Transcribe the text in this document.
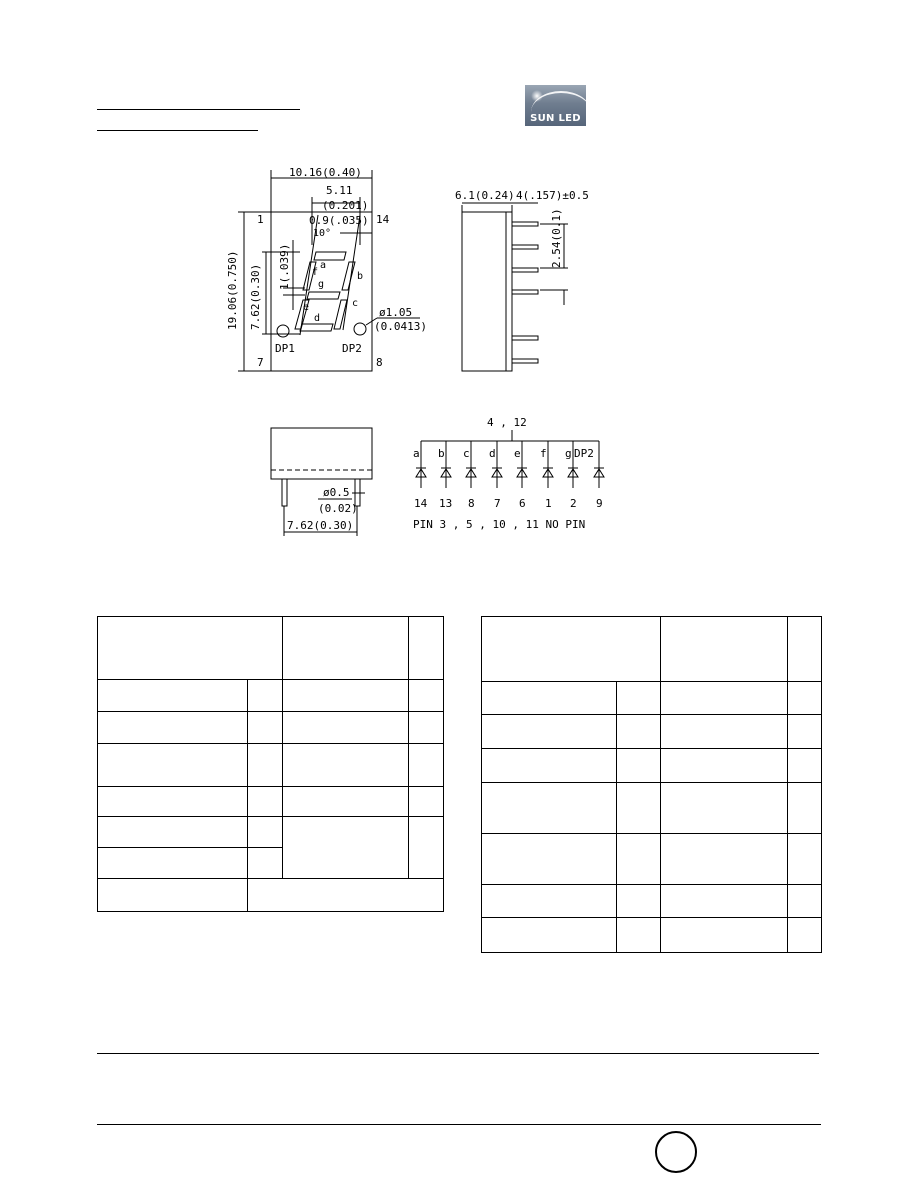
SUN LED
10.16(0.40)
5.11
(0.201)
0.9(.035)
10°
1	14
7	8
DP1	DP2
ø1.05
(0.0413)
a
b
c
d
e
f
g
19.06(0.750) 7.62(0.30) 1(.039)
6.1(0.24) 4(.157)±0.5
2.54(0.1)
ø0.5
(0.02)
7.62(0.30)
4 , 12
a
14
b
13
c
8
d
7
e
6
f
1
g
2
DP2
9
PIN 3 , 5 , 10 , 11 NO PIN
